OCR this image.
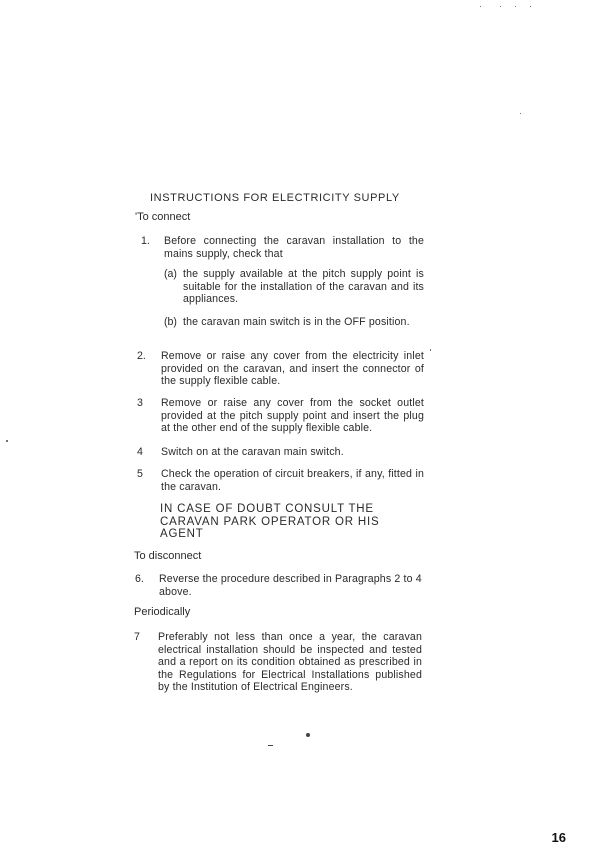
INSTRUCTIONS FOR ELECTRICITY SUPPLY
'To connect
1. Before connecting the caravan installation to the mains supply, check that
(a) the supply available at the pitch supply point is suitable for the installation of the caravan and its appliances.
(b) the caravan main switch is in the OFF position.
2. Remove or raise any cover from the electricity inlet provided on the caravan, and insert the connector of the supply flexible cable.
3 Remove or raise any cover from the socket outlet provided at the pitch supply point and insert the plug at the other end of the supply flexible cable.
4 Switch on at the caravan main switch.
5 Check the operation of circuit breakers, if any, fitted in the caravan.
IN CASE OF DOUBT CONSULT THE CARAVAN PARK OPERATOR OR HIS AGENT
To disconnect
6. Reverse the procedure described in Paragraphs 2 to 4 above.
Periodically
7 Preferably not less than once a year, the caravan electrical installation should be inspected and tested and a report on its condition obtained as prescribed in the Regulations for Electrical Installations published by the Institution of Electrical Engineers.
16
